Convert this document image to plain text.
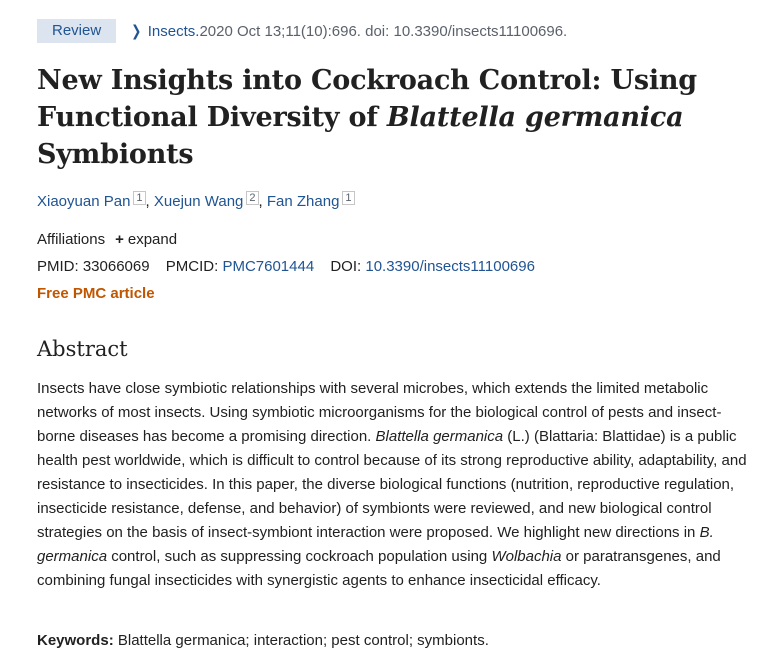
Review	❯ Insects. 2020 Oct 13;11(10):696. doi: 10.3390/insects11100696.
New Insights into Cockroach Control: Using Functional Diversity of Blattella germanica
Symbionts
Xiaoyuan Pan $^1$ , Xuejun Wang $^2$ , Fan Zhang $^1$
Affiliations + expand
PMID: 33066069 PMCID: PMC7601444 DOI: 10.3390/insects11100696
Free PMC article
Abstract

Insects have close symbiotic relationships with several microbes, which extends the limited metabolic networks of most insects. Using symbiotic microorganisms for the biological control of pests and insect-borne diseases has become a promising direction. Blattella germanica (L.) (Blattaria: Blattidae) is a public health pest worldwide, which is difficult to control because of its strong reproductive ability, adaptability, and resistance to insecticides. In this paper, the diverse biological functions (nutrition, reproductive regulation, insecticide resistance, defense, and behavior) of symbionts were reviewed, and new biological control strategies on the basis of insect-symbiont interaction were proposed. We highlight new directions in B. germanica control, such as suppressing cockroach population using Wolbachia or paratransgenes, and combining fungal insecticides with synergistic agents to enhance insecticidal efficacy.

Keywords: Blattella germanica; interaction; pest control; symbionts.
